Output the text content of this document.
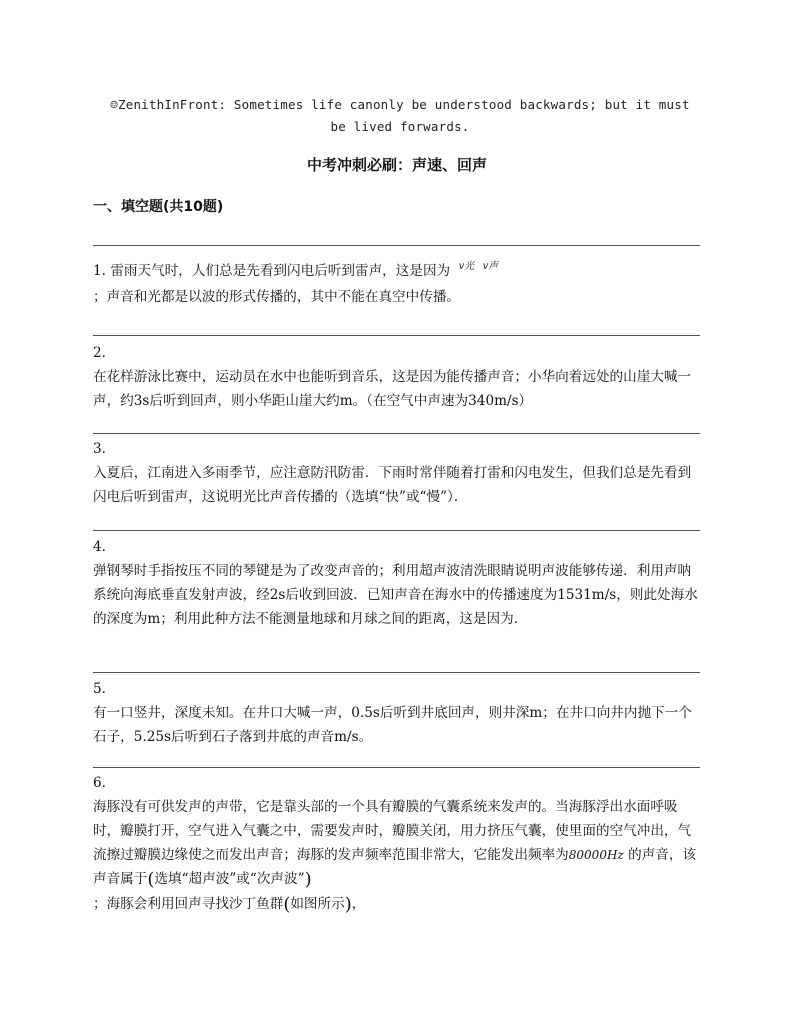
☺ZenithInFront: Sometimes life canonly be understood backwards; but it must be lived forwards.
中考冲刺必刷：声速、回声
一、填空题(共10题)
1. 雷雨天气时，人们总是先看到闪电后听到雷声，这是因为 $^{v光}$ $^{v声}$
；声音和光都是以波的形式传播的，其中不能在真空中传播。
2.
在花样游泳比赛中，运动员在水中也能听到音乐，这是因为能传播声音；小华向着远处的山崖大喊一声，约3s后听到回声，则小华距山崖大约m。（在空气中声速为340m/s）
3.
入夏后，江南进入多雨季节，应注意防汛防雷．下雨时常伴随着打雷和闪电发生，但我们总是先看到闪电后听到雷声，这说明光比声音传播的（选填“快”或“慢”）．
4.
弹钢琴时手指按压不同的琴键是为了改变声音的；利用超声波清洗眼睛说明声波能够传递．利用声呐系统向海底垂直发射声波，经2s后收到回波．已知声音在海水中的传播速度为1531m/s，则此处海水的深度为m；利用此种方法不能测量地球和月球之间的距离，这是因为.
5.
有一口竖井，深度未知。在井口大喊一声，0.5s后听到井底回声，则井深m；在井口向井内抛下一个石子，5.25s后听到石子落到井底的声音m/s。
6.
海豚没有可供发声的声带，它是靠头部的一个具有瓣膜的气囊系统来发声的。当海豚浮出水面呼吸时，瓣膜打开，空气进入气囊之中，需要发声时，瓣膜关闭，用力挤压气囊，使里面的空气冲出，气流擦过瓣膜边缘使之而发出声音；海豚的发声频率范围非常大，它能发出频率为80000Hz 的声音，该声音属于(选填“超声波”或“次声波”)
；海豚会利用回声寻找沙丁鱼群(如图所示)，
